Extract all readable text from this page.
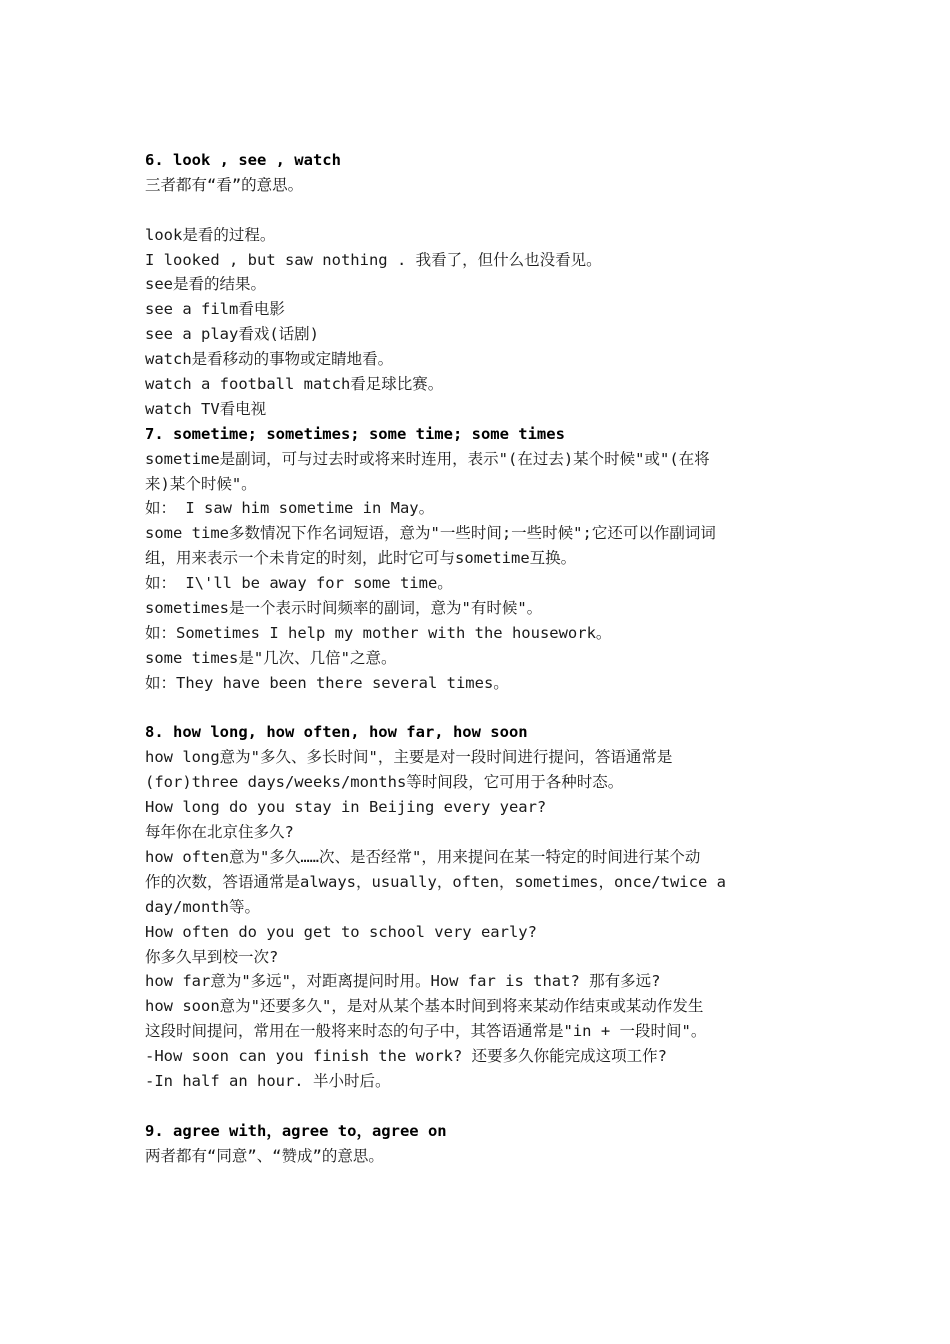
6. look , see , watch
三者都有“看”的意思。
look是看的过程。
I looked , but saw nothing . 我看了，但什么也没看见。
see是看的结果。
see a film看电影
see a play看戏(话剧)
watch是看移动的事物或定睛地看。
watch a football match看足球比赛。
watch TV看电视
7. sometime; sometimes; some time; some times
sometime是副词，可与过去时或将来时连用，表示"(在过去)某个时候"或"(在将
来)某个时候"。
如： I saw him sometime in May。
some time多数情况下作名词短语，意为"一些时间;一些时候";它还可以作副词词
组，用来表示一个未肯定的时刻，此时它可与sometime互换。
如： I\'ll be away for some time。
sometimes是一个表示时间频率的副词，意为"有时候"。
如：Sometimes I help my mother with the housework。
some times是"几次、几倍"之意。
如：They have been there several times。
8. how long, how often, how far, how soon
how long意为"多久、多长时间"，主要是对一段时间进行提问，答语通常是
(for)three days/weeks/months等时间段，它可用于各种时态。
How long do you stay in Beijing every year?
每年你在北京住多久?
how often意为"多久……次、是否经常"，用来提问在某一特定的时间进行某个动
作的次数，答语通常是always，usually，often，sometimes，once/twice a
day/month等。
How often do you get to school very early?
你多久早到校一次?
how far意为"多远"，对距离提问时用。How far is that? 那有多远?
how soon意为"还要多久"，是对从某个基本时间到将来某动作结束或某动作发生
这段时间提问，常用在一般将来时态的句子中，其答语通常是"in + 一段时间"。
-How soon can you finish the work? 还要多久你能完成这项工作?
-In half an hour. 半小时后。
9. agree with，agree to，agree on
两者都有“同意”、“赞成”的意思。
